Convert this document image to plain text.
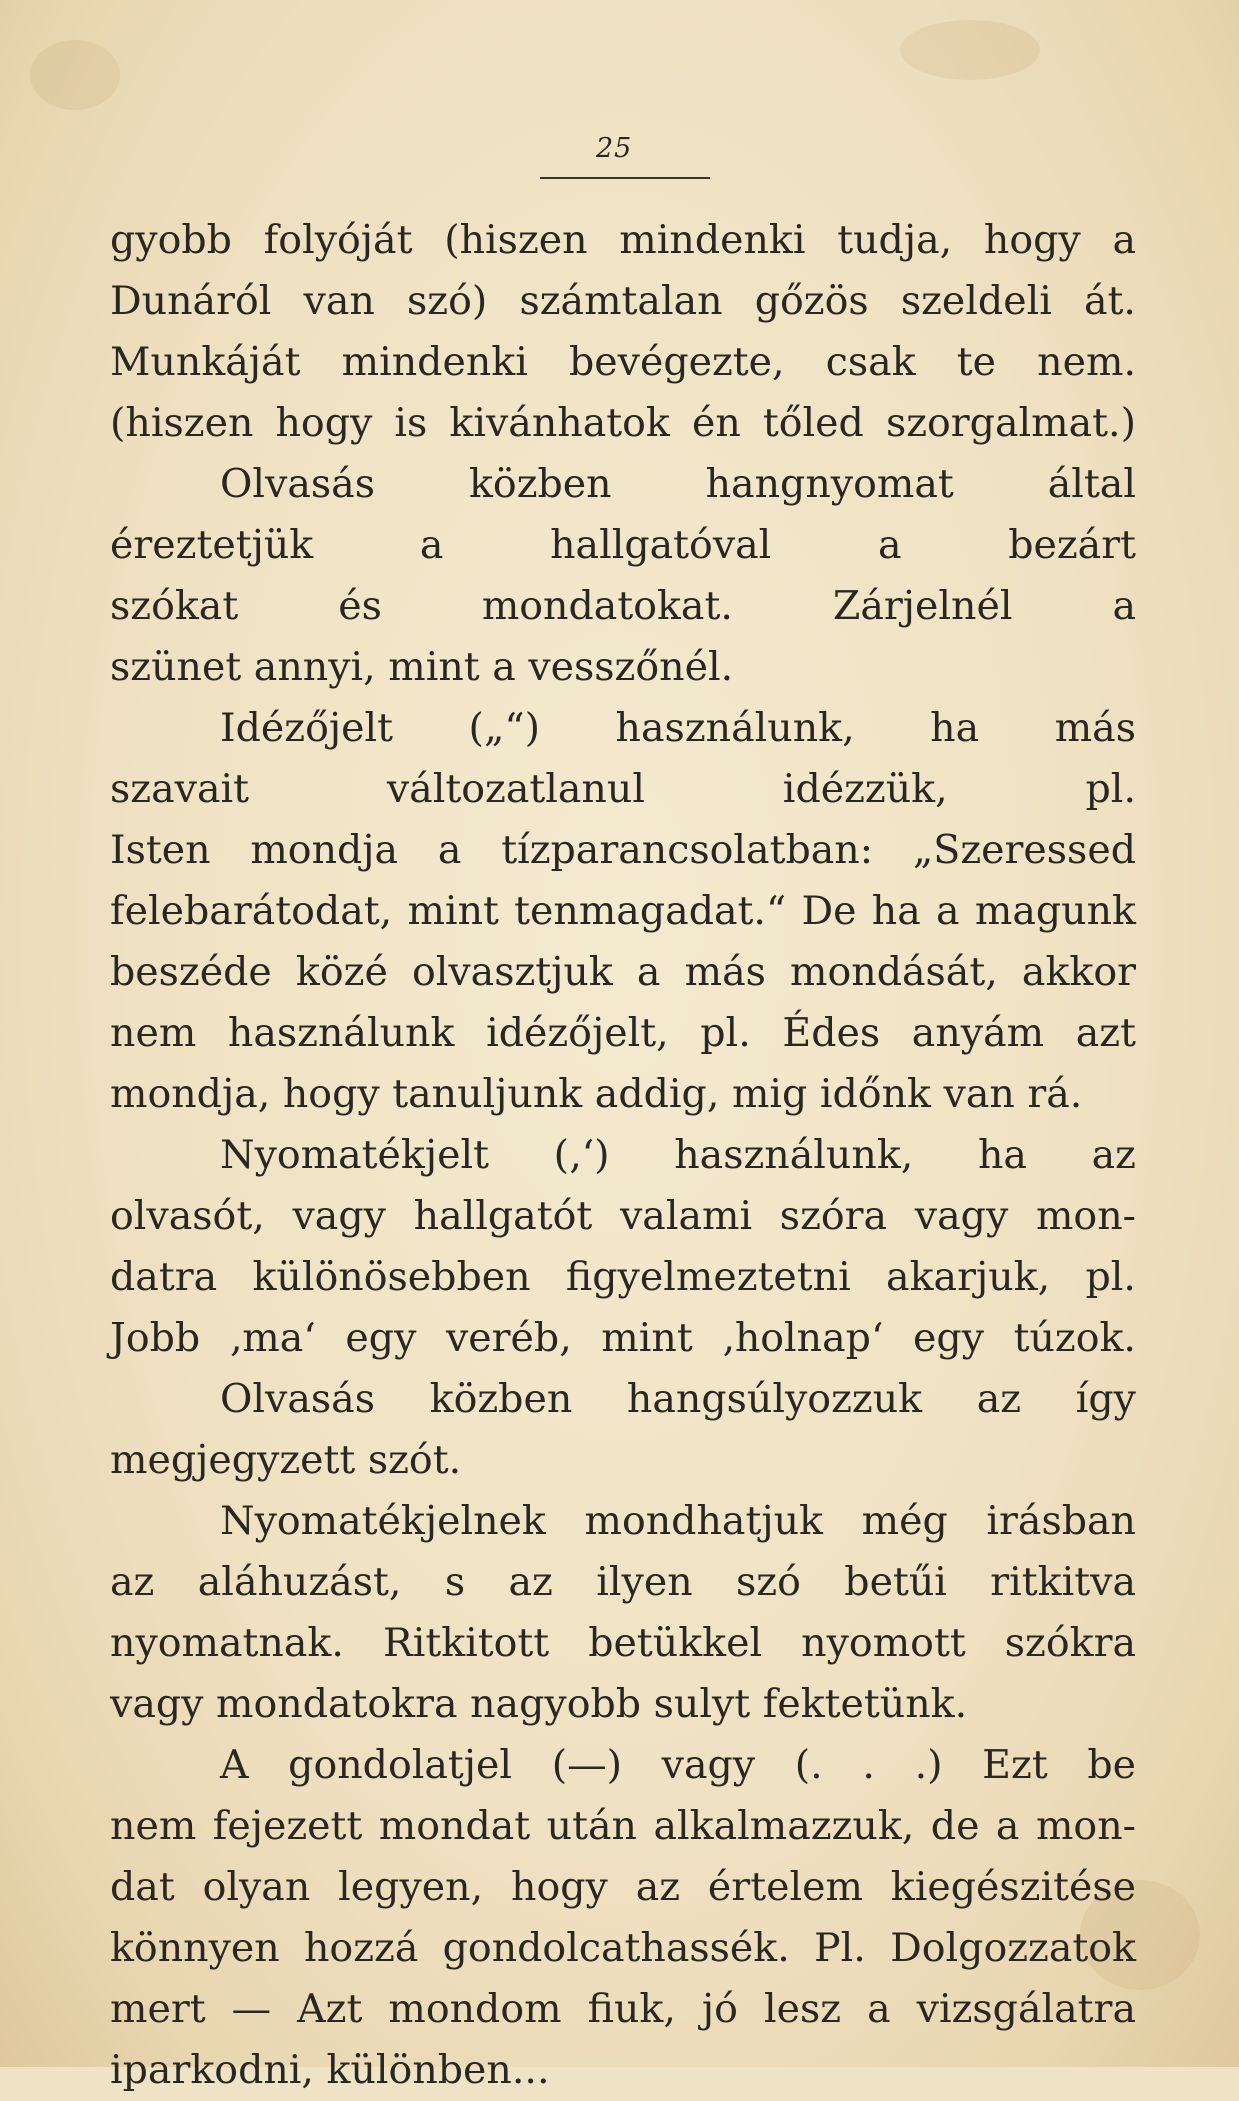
25
gyobb folyóját (hiszen mindenki tudja, hogy a
Dunáról van szó) számtalan gőzös szeldeli át.
Munkáját mindenki bevégezte, csak te nem.
(hiszen hogy is kivánhatok én tőled szorgalmat.)
Olvasás közben hangnyomat által
éreztetjük a hallgatóval a bezárt
szókat és mondatokat. Zárjelnél a
szünet annyi, mint a vesszőnél.
Idézőjelt („“) használunk, ha más
szavait változatlanul idézzük, pl.
Isten mondja a tízparancsolatban: „Szeressed
felebarátodat, mint tenmagadat.“ De ha a magunk
beszéde közé olvasztjuk a más mondását, akkor
nem használunk idézőjelt, pl. Édes anyám azt
mondja, hogy tanuljunk addig, mig időnk van rá.
Nyomatékjelt (‚‘) használunk, ha az
olvasót, vagy hallgatót valami szóra vagy mon-
datra különösebben figyelmeztetni akarjuk, pl.
Jobb ‚ma‘ egy veréb, mint ‚holnap‘ egy túzok.
Olvasás közben hangsúlyozzuk az így
megjegyzett szót.
Nyomatékjelnek mondhatjuk még irásban
az aláhuzást, s az ilyen szó betűi ritkitva
nyomatnak. Ritkitott betükkel nyomott szókra
vagy mondatokra nagyobb sulyt fektetünk.
A gondolatjel (—) vagy (. . .) Ezt be
nem fejezett mondat után alkalmazzuk, de a mon-
dat olyan legyen, hogy az értelem kiegészitése
könnyen hozzá gondolcathassék. Pl. Dolgozzatok
mert — Azt mondom fiuk, jó lesz a vizsgálatra
iparkodni, különben...
